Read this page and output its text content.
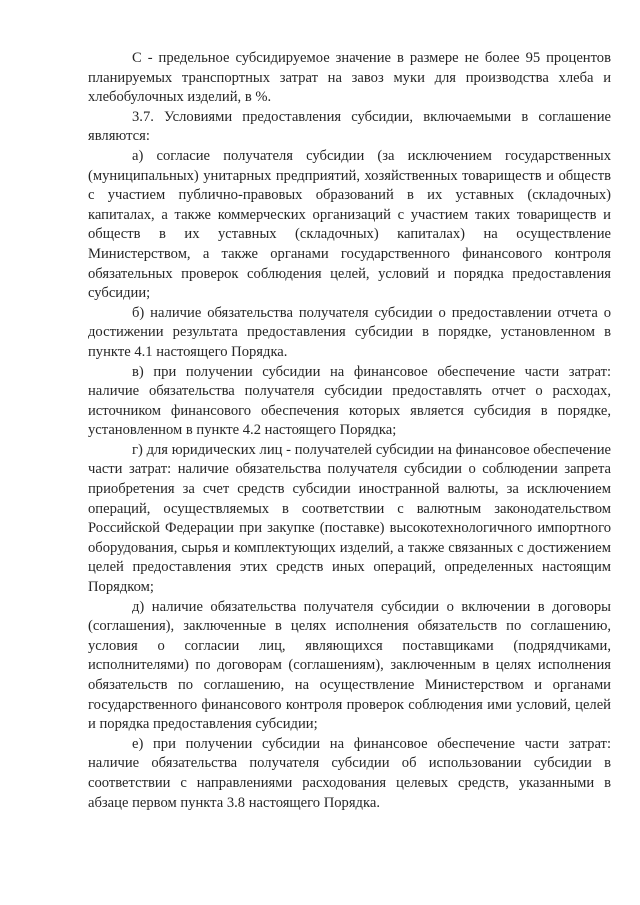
С - предельное субсидируемое значение в размере не более 95 процентов планируемых транспортных затрат на завоз муки для производства хлеба и хлебобулочных изделий, в %.

3.7. Условиями предоставления субсидии, включаемыми в соглашение являются:

а) согласие получателя субсидии (за исключением государственных (муниципальных) унитарных предприятий, хозяйственных товариществ и обществ с участием публично-правовых образований в их уставных (складочных) капиталах, а также коммерческих организаций с участием таких товариществ и обществ в их уставных (складочных) капиталах) на осуществление Министерством, а также органами государственного финансового контроля обязательных проверок соблюдения целей, условий и порядка предоставления субсидии;

б) наличие обязательства получателя субсидии о предоставлении отчета о достижении результата предоставления субсидии в порядке, установленном в пункте 4.1 настоящего Порядка.

в) при получении субсидии на финансовое обеспечение части затрат: наличие обязательства получателя субсидии предоставлять отчет о расходах, источником финансового обеспечения которых является субсидия в порядке, установленном в пункте 4.2 настоящего Порядка;

г) для юридических лиц - получателей субсидии на финансовое обеспечение части затрат: наличие обязательства получателя субсидии о соблюдении запрета приобретения за счет средств субсидии иностранной валюты, за исключением операций, осуществляемых в соответствии с валютным законодательством Российской Федерации при закупке (поставке) высокотехнологичного импортного оборудования, сырья и комплектующих изделий, а также связанных с достижением целей предоставления этих средств иных операций, определенных настоящим Порядком;

д) наличие обязательства получателя субсидии о включении в договоры (соглашения), заключенные в целях исполнения обязательств по соглашению, условия о согласии лиц, являющихся поставщиками (подрядчиками, исполнителями) по договорам (соглашениям), заключенным в целях исполнения обязательств по соглашению, на осуществление Министерством и органами государственного финансового контроля проверок соблюдения ими условий, целей и порядка предоставления субсидии;

е) при получении субсидии на финансовое обеспечение части затрат: наличие обязательства получателя субсидии об использовании субсидии в соответствии с направлениями расходования целевых средств, указанными в абзаце первом пункта 3.8 настоящего Порядка.
